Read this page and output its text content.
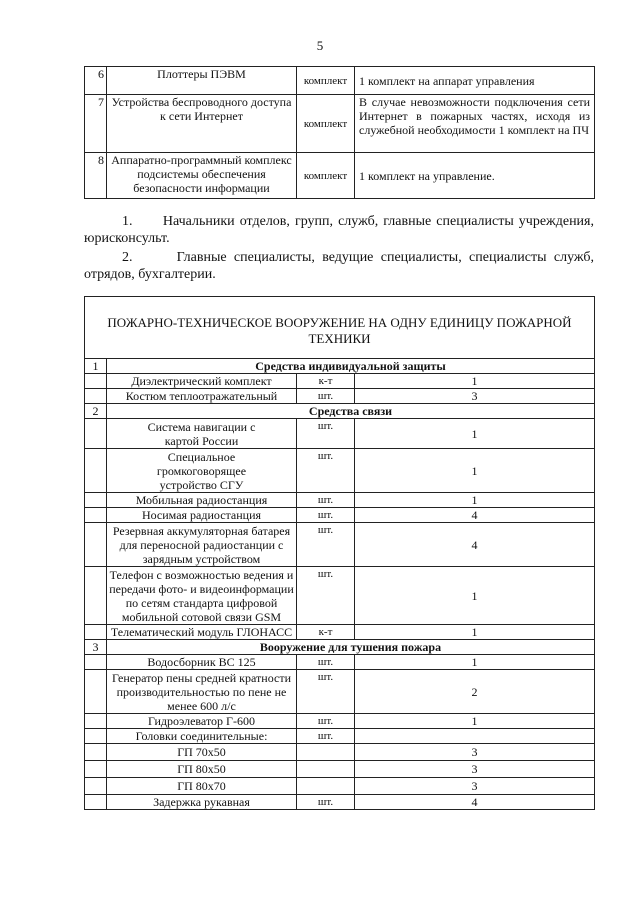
5
6	Плоттеры ПЭВМ	комплект	1 комплект на аппарат управления
7	Устройства беспроводного доступа к сети Интернет	комплект	В случае невозможности подключения сети Интернет в пожарных частях, исходя из служебной необходимости 1 комплект на ПЧ
8	Аппаратно-программный комплекс подсистемы обеспечения безопасности информации	комплект	1 комплект на управление.
1. Начальники отделов, групп, служб, главные специалисты учреждения, юрисконсульт.
2.	Главные специалисты, ведущие специалисты, специалисты служб, отрядов, бухгалтерии.
ПОЖАРНО-ТЕХНИЧЕСКОЕ ВООРУЖЕНИЕ НА ОДНУ ЕДИНИЦУ ПОЖАРНОЙ ТЕХНИКИ			
1	Средства индивидуальной защиты		
	Диэлектрический комплект	к-т	1
	Костюм теплоотражательный	шт.	3
2	Средства связи		
	Система навигации с картой России	шт.	1
	Специальное громкоговорящее устройство СГУ	шт.	1
	Мобильная радиостанция	шт.	1
	Носимая радиостанция	шт.	4
	Резервная аккумуляторная батарея для переносной радиостанции с зарядным устройством	шт.	4
	Телефон с возможностью ведения и передачи фото- и видеоинформации по сетям стандарта цифровой мобильной сотовой связи GSM	шт.	1
	Телематический модуль ГЛОНАСС	к-т	1
3	Вооружение для тушения пожара		
	Водосборник ВС 125	шт.	1
	Генератор пены средней кратности производительностью по пене не менее 600 л/с	шт.	2
	Гидроэлеватор Г-600	шт.	1
	Головки соединительные:	шт.	
	ГП 70х50		3
	ГП 80х50		3
	ГП 80х70		3
	Задержка рукавная	шт.	4
